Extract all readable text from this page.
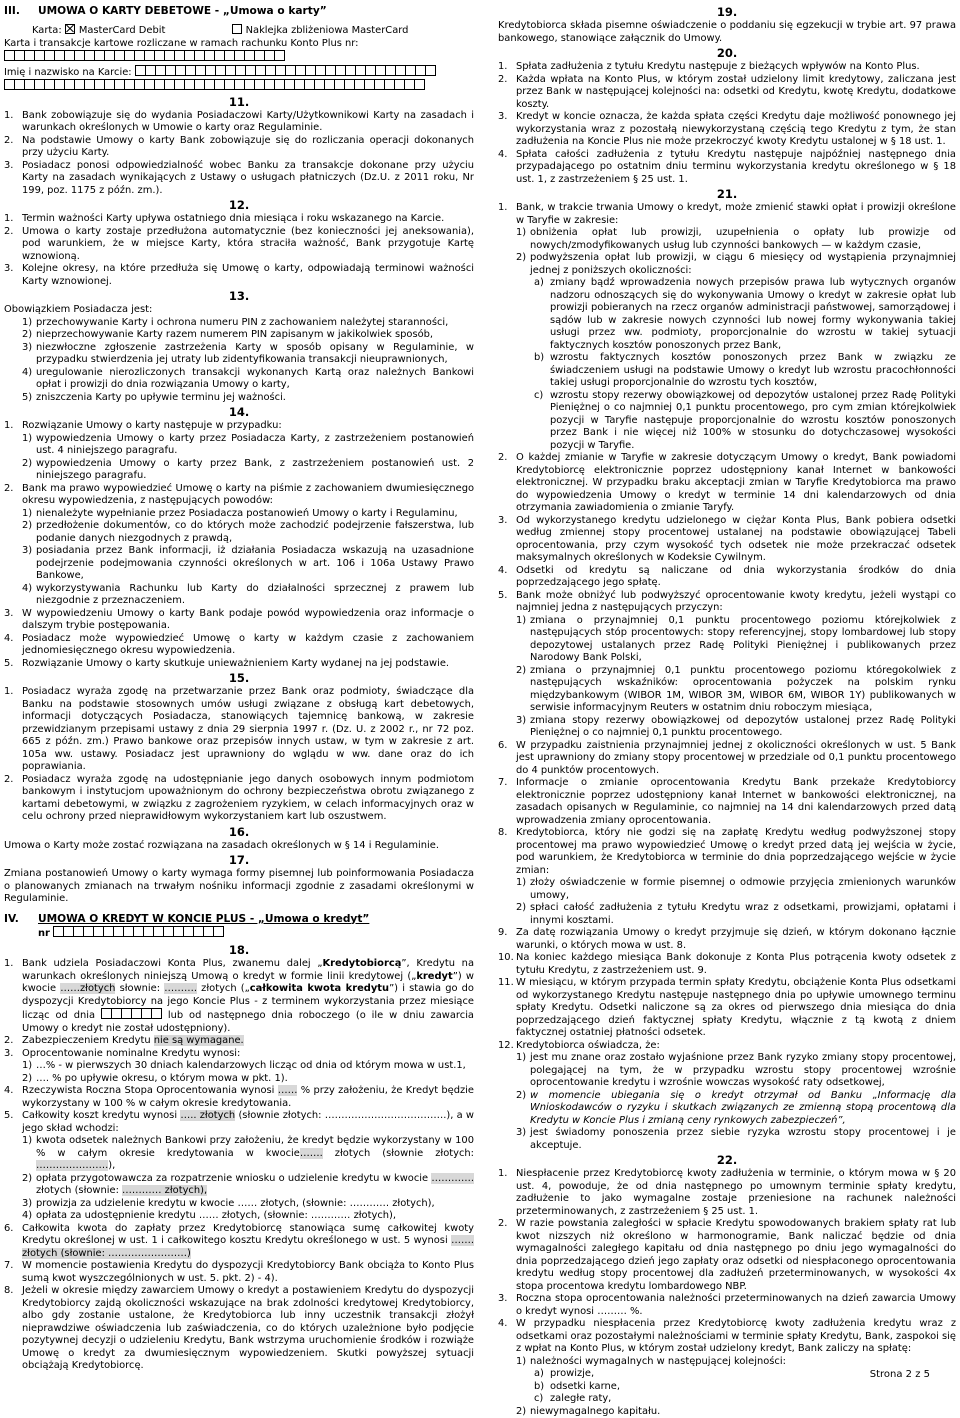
III. UMOWA O KARTY DEBETOWE - „Umowa o karty”

Karta: MasterCard Debit	Naklejka zbliżeniowa MasterCard

Karta i transakcje kartowe rozliczane w ramach rachunku Konto Plus nr:

Imię i nazwisko na Karcie:

11.
1. Bank zobowiązuje się do wydania Posiadaczowi Karty/Użytkownikowi Karty na zasadach i warunkach określonych w Umowie o karty oraz Regulaminie.
2. Na podstawie Umowy o karty Bank zobowiązuje się do rozliczania operacji dokonanych przy użyciu Karty.
3. Posiadacz ponosi odpowiedzialność wobec Banku za transakcje dokonane przy użyciu Karty na zasadach wynikających z Ustawy o usługach płatniczych (Dz.U. z 2011 roku, Nr 199, poz. 1175 z późn. zm.).
12.
1. Termin ważności Karty upływa ostatniego dnia miesiąca i roku wskazanego na Karcie.
2. Umowa o karty zostaje przedłużona automatycznie (bez konieczności jej aneksowania), pod warunkiem, że w miejsce Karty, która straciła ważność, Bank przygotuje Kartę wznowioną.
3. Kolejne okresy, na które przedłuża się Umowę o karty, odpowiadają terminowi ważności Karty wznowionej.
13.

Obowiązkiem Posiadacza jest:

1) przechowywanie Karty i ochrona numeru PIN z zachowaniem należytej staranności,
2) nieprzechowywanie Karty razem numerem PIN zapisanym w jakikolwiek sposób,
3) niezwłoczne zgłoszenie zastrzeżenia Karty w sposób opisany w Regulaminie, w przypadku stwierdzenia jej utraty lub zidentyfikowania transakcji nieuprawnionych,
4) uregulowanie nierozliczonych transakcji wykonanych Kartą oraz należnych Bankowi opłat i prowizji do dnia rozwiązania Umowy o karty,
5) zniszczenia Karty po upływie terminu jej ważności.
14.
1. Rozwiązanie Umowy o karty następuje w przypadku:
1) wypowiedzenia Umowy o karty przez Posiadacza Karty, z zastrzeżeniem postanowień ust. 4 niniejszego paragrafu.
2) wypowiedzenia Umowy o karty przez Bank, z zastrzeżeniem postanowień ust. 2 niniejszego paragrafu.
2. Bank ma prawo wypowiedzieć Umowę o karty na piśmie z zachowaniem dwumiesięcznego okresu wypowiedzenia, z następujących powodów:
1) nienależyte wypełnianie przez Posiadacza postanowień Umowy o karty i Regulaminu,
2) przedłożenie dokumentów, co do których może zachodzić podejrzenie fałszerstwa, lub podanie danych niezgodnych z prawdą,
3) posiadania przez Bank informacji, iż działania Posiadacza wskazują na uzasadnione podejrzenie podejmowania czynności określonych w art. 106 i 106a Ustawy Prawo Bankowe,
4) wykorzystywania Rachunku lub Karty do działalności sprzecznej z prawem lub niezgodnie z przeznaczeniem.
3. W wypowiedzeniu Umowy o karty Bank podaje powód wypowiedzenia oraz informacje o dalszym trybie postępowania.
4. Posiadacz może wypowiedzieć Umowę o karty w każdym czasie z zachowaniem jednomiesięcznego okresu wypowiedzenia.
5. Rozwiązanie Umowy o karty skutkuje unieważnieniem Karty wydanej na jej podstawie.
15.
1. Posiadacz wyraża zgodę na przetwarzanie przez Bank oraz podmioty, świadczące dla Banku na podstawie stosownych umów usługi związane z obsługą kart debetowych, informacji dotyczących Posiadacza, stanowiących tajemnicę bankową, w zakresie przewidzianym przepisami ustawy z dnia 29 sierpnia 1997 r. (Dz. U. z 2002 r., nr 72 poz. 665 z późn. zm.) Prawo bankowe oraz przepisów innych ustaw, w tym w zakresie z art. 105a ww. ustawy. Posiadacz jest uprawniony do wglądu w ww. dane oraz do ich poprawiania.
2. Posiadacz wyraża zgodę na udostępnianie jego danych osobowych innym podmiotom bankowym i instytucjom upoważnionym do ochrony bezpieczeństwa obrotu związanego z kartami debetowymi, w związku z zagrożeniem ryzykiem, w celach informacyjnych oraz w celu ochrony przed nieprawidłowym wykorzystaniem kart lub oszustwem.
16.

Umowa o Karty może zostać rozwiązana na zasadach określonych w § 14 i Regulaminie.

17.

Zmiana postanowień Umowy o karty wymaga formy pisemnej lub poinformowania Posiadacza o planowanych zmianach na trwałym nośniku informacji zgodnie z zasadami określonymi w Regulaminie.

IV. UMOWA O KREDYT W KONCIE PLUS - „Umowa o kredyt”

nr

18.
1. Bank udziela Posiadaczowi Konta Plus, zwanemu dalej „Kredytobiorcą”, Kredytu na warunkach określonych niniejszą Umową o kredyt w formie linii kredytowej („kredyt”) w kwocie ……złotych słownie: ………. złotych („całkowita kwota kredytu”) i stawia go do dyspozycji Kredytobiorcy na jego Koncie Plus - z terminem wykorzystania przez miesiące licząc od dnia	lub od następnego dnia roboczego (o ile w dniu zawarcia Umowy o kredyt nie został udostępniony).
2. Zabezpieczeniem Kredytu nie są wymagane.
3. Oprocentowanie nominalne Kredytu wynosi:
1) …% - w pierwszych 30 dniach kalendarzowych licząc od dnia od którym mowa w ust.1,
2) …. % po upływie okresu, o którym mowa w pkt. 1).
4. Rzeczywista Roczna Stopa Oprocentowania wynosi …… % przy założeniu, że Kredyt będzie wykorzystany w 100 % w całym okresie kredytowania.
5. Całkowity koszt kredytu wynosi ….. złotych (słownie złotych: ……………………………….), a w jego skład wchodzi:
1) kwota odsetek należnych Bankowi przy założeniu, że kredyt będzie wykorzystany w 100 % w całym okresie kredytowania w kwocie……. złotych (słownie złotych: ………………….),
2) opłata przygotowawcza za rozpatrzenie wniosku o udzielenie kredytu w kwocie …………. złotych (słownie: ………… złotych),
3) prowizja za udzielenie kredytu w kwocie …… złotych, (słownie: ………… złotych),
4) opłata za udostępnienie kredytu …… złotych, (słownie: ………… złotych),
6. Całkowita kwota do zapłaty przez Kredytobiorcę stanowiąca sumę całkowitej kwoty Kredytu określonej w ust. 1 i całkowitego kosztu Kredytu określonego w ust. 5 wynosi ……. złotych (słownie: ……………………)
7. W momencie postawienia Kredytu do dyspozycji Kredytobiorcy Bank obciąża to Konto Plus sumą kwot wyszczególnionych w ust. 5. pkt. 2) - 4).
8. Jeżeli w okresie między zawarciem Umowy o kredyt a postawieniem Kredytu do dyspozycji Kredytobiorcy zajdą okoliczności wskazujące na brak zdolności kredytowej Kredytobiorcy, albo gdy zostanie ustalone, że Kredytobiorca lub inny uczestnik transakcji złożył nieprawdziwe oświadczenia lub zaświadczenia, co do których uzależnione było podjęcie pozytywnej decyzji o udzieleniu Kredytu, Bank wstrzyma uruchomienie środków i rozwiąże Umowę o kredyt za dwumiesięcznym wypowiedzeniem. Skutki powyższej sytuacji obciążają Kredytobiorcę.
19.

Kredytobiorca składa pisemne oświadczenie o poddaniu się egzekucji w trybie art. 97 prawa bankowego, stanowiące załącznik do Umowy.

20.
1. Spłata zadłużenia z tytułu Kredytu następuje z bieżących wpływów na Konto Plus.
2. Każda wpłata na Konto Plus, w którym został udzielony limit kredytowy, zaliczana jest przez Bank w następującej kolejności na: odsetki od Kredytu, kwotę Kredytu, dodatkowe koszty.
3. Kredyt w koncie oznacza, że każda spłata części Kredytu daje możliwość ponownego jej wykorzystania wraz z pozostałą niewykorzystaną częścią tego Kredytu z tym, że stan zadłużenia na Koncie Plus nie może przekroczyć kwoty Kredytu ustalonej w § 18 ust. 1.
4. Spłata całości zadłużenia z tytułu Kredytu następuje najpóźniej następnego dnia przypadającego po ostatnim dniu terminu wykorzystania kredytu określonego w § 18 ust. 1, z zastrzeżeniem § 25 ust. 1.
21.
1. Bank, w trakcie trwania Umowy o kredyt, może zmienić stawki opłat i prowizji określone w Taryfie w zakresie:
1) obniżenia opłat lub prowizji, uzupełnienia o opłaty lub prowizje od nowych/zmodyfikowanych usług lub czynności bankowych — w każdym czasie,
2) podwyższenia opłat lub prowizji, w ciągu 6 miesięcy od wystąpienia przynajmniej jednej z poniższych okoliczności:
a) zmiany bądź wprowadzenia nowych przepisów prawa lub wytycznych organów nadzoru odnoszących się do wykonywania Umowy o kredyt w zakresie opłat lub prowizji pobieranych na rzecz organów administracji państwowej, samorządowej i sądów lub w zakresie nowych czynności lub nowej formy wykonywania takiej usługi przez ww. podmioty, proporcjonalnie do wzrostu w takiej sytuacji faktycznych kosztów ponoszonych przez Bank,
b) wzrostu faktycznych kosztów ponoszonych przez Bank w związku ze świadczeniem usługi na podstawie Umowy o kredyt lub wzrostu pracochłonności takiej usługi proporcjonalnie do wzrostu tych kosztów,
c) wzrostu stopy rezerwy obowiązkowej od depozytów ustalonej przez Radę Polityki Pieniężnej o co najmniej 0,1 punktu procentowego, pro cym zmian którejkolwiek pozycji w Taryfie następuje proporcjonalnie do wzrostu kosztów ponoszonych przez Bank i nie więcej niż 100% w stosunku do dotychczasowej wysokości pozycji w Taryfie.
2. O każdej zmianie w Taryfie w zakresie dotyczącym Umowy o kredyt, Bank powiadomi Kredytobiorcę elektronicznie poprzez udostępniony kanał Internet w bankowości elektronicznej. W przypadku braku akceptacji zmian w Taryfie Kredytobiorca ma prawo do wypowiedzenia Umowy o kredyt w terminie 14 dni kalendarzowych od dnia otrzymania zawiadomienia o zmianie Taryfy.
3. Od wykorzystanego kredytu udzielonego w ciężar Konta Plus, Bank pobiera odsetki według zmiennej stopy procentowej ustalanej na podstawie obowiązującej Tabeli oprocentowania, przy czym wysokość tych odsetek nie może przekraczać odsetek maksymalnych określonych w Kodeksie Cywilnym.
4. Odsetki od kredytu są naliczane od dnia wykorzystania środków do dnia poprzedzającego jego spłatę.
5. Bank może obniżyć lub podwyższyć oprocentowanie kwoty kredytu, jeżeli wystąpi co najmniej jedna z następujących przyczyn:
1) zmiana o przynajmniej 0,1 punktu procentowego poziomu którejkolwiek z następujących stóp procentowych: stopy referencyjnej, stopy lombardowej lub stopy depozytowej ustalanych przez Radę Polityki Pieniężnej i publikowanych przez Narodowy Bank Polski,
2) zmiana o przynajmniej 0,1 punktu procentowego poziomu któregokolwiek z następujących wskaźników: oprocentowania pożyczek na polskim rynku międzybankowym (WIBOR 1M, WIBOR 3M, WIBOR 6M, WIBOR 1Y) publikowanych w serwisie informacyjnym Reuters w ostatnim dniu roboczym miesiąca,
3) zmiana stopy rezerwy obowiązkowej od depozytów ustalonej przez Radę Polityki Pieniężnej o co najmniej 0,1 punktu procentowego.
6. W przypadku zaistnienia przynajmniej jednej z okoliczności określonych w ust. 5 Bank jest uprawniony do zmiany stopy procentowej w przedziale od 0,1 punktu procentowego do 4 punktów procentowych.
7. Informacje o zmianie oprocentowania Kredytu Bank przekaże Kredytobiorcy elektronicznie poprzez udostępniony kanał Internet w bankowości elektronicznej, na zasadach opisanych w Regulaminie, co najmniej na 14 dni kalendarzowych przed datą wprowadzenia zmiany oprocentowania.
8. Kredytobiorca, który nie godzi się na zapłatę Kredytu według podwyższonej stopy procentowej ma prawo wypowiedzieć Umowę o kredyt przed datą jej wejścia w życie, pod warunkiem, że Kredytobiorca w terminie do dnia poprzedzającego wejście w życie zmian:
1) złoży oświadczenie w formie pisemnej o odmowie przyjęcia zmienionych warunków umowy,
2) spłaci całość zadłużenia z tytułu Kredytu wraz z odsetkami, prowizjami, opłatami i innymi kosztami.
9. Za datę rozwiązania Umowy o kredyt przyjmuje się dzień, w którym dokonano łącznie warunki, o których mowa w ust. 8.
10. Na koniec każdego miesiąca Bank dokonuje z Konta Plus potrącenia kwoty odsetek z tytułu Kredytu, z zastrzeżeniem ust. 9.
11. W miesiącu, w którym przypada termin spłaty Kredytu, obciążenie Konta Plus odsetkami od wykorzystanego Kredytu następuje następnego dnia po upływie umownego terminu spłaty Kredytu. Odsetki naliczone są za okres od pierwszego dnia miesiąca do dnia poprzedzającego dzień faktycznej spłaty Kredytu, włącznie z tą kwotą z dniem faktycznej ostatniej płatności odsetek.
12. Kredytobiorca oświadcza, że:
1) jest mu znane oraz zostało wyjaśnione przez Bank ryzyko zmiany stopy procentowej, polegającej na tym, że w przypadku wzrostu stopy procentowej wzrośnie oprocentowanie kredytu i wzrośnie wowczas wysokość raty odsetkowej,
2) w momencie ubiegania się o kredyt otrzymał od Banku „Informację dla Wnioskodawców o ryzyku i skutkach związanych ze zmienną stopą procentową dla Kredytu w Koncie Plus i zmianą ceny rynkowych zabezpieczeń”,
3) jest świadomy ponoszenia przez siebie ryzyka wzrostu stopy procentowej i je akceptuje.
22.
1. Niespłacenie przez Kredytobiorcę kwoty zadłużenia w terminie, o którym mowa w § 20 ust. 4, powoduje, że od dnia następnego po umownym terminie spłaty kredytu, zadłużenie to jako wymagalne zostaje przeniesione na rachunek należności przeterminowanych, z zastrzeżeniem § 25 ust. 1.
2. W razie powstania zaległości w spłacie Kredytu spowodowanych brakiem spłaty rat lub kwot nizszych niż określono w harmonogramie, Bank naliczać będzie od dnia wymagalności zaległego kapitału od dnia następnego po dniu jego wymagalności do dnia poprzedzającego dzień jego zapłaty oraz odsetki od niespłaconego oprocentowania kredytu według stopy procentowej dla zadłużeń przeterminowanych, w wysokości 4x stopa procentowa kredytu lombardowego NBP.
3. Roczna stopa oprocentowania należności przeterminowanych na dzień zawarcia Umowy o kredyt wynosi ……… %.
4. W przypadku niespłacenia przez Kredytobiorcę kwoty zadłużenia kredytu wraz z odsetkami oraz pozostałymi należnościami w terminie spłaty Kredytu, Bank, zaspokoi się z wpłat na Konto Plus, w którym został udzielony kredyt, Bank zaliczy na spłatę:
1) należności wymagalnych w następującej kolejności:
a) prowizje,
b) odsetki karne,
c) zaległe raty,
2) niewymagalnego kapitału.
Strona 2 z 5
